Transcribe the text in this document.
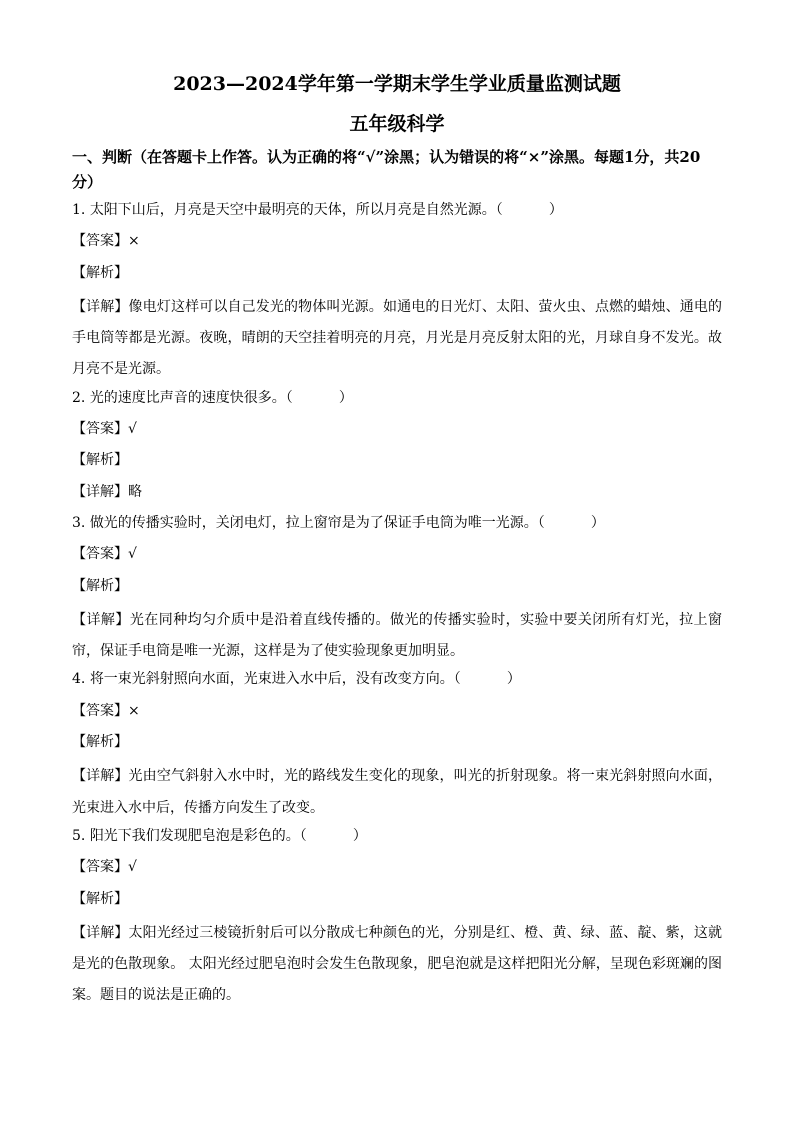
2023—2024学年第一学期末学生学业质量监测试题
五年级科学
一、判断（在答题卡上作答。认为正确的将“√”涂黑；认为错误的将“×”涂黑。每题1分，共20分）
1. 太阳下山后，月亮是天空中最明亮的天体，所以月亮是自然光源。（	）
【答案】×
【解析】
【详解】像电灯这样可以自己发光的物体叫光源。如通电的日光灯、太阳、萤火虫、点燃的蜡烛、通电的手电筒等都是光源。夜晚，晴朗的天空挂着明亮的月亮，月光是月亮反射太阳的光，月球自身不发光。故月亮不是光源。
2. 光的速度比声音的速度快很多。（	）
【答案】√
【解析】
【详解】略
3. 做光的传播实验时，关闭电灯，拉上窗帘是为了保证手电筒为唯一光源。（	）
【答案】√
【解析】
【详解】光在同种均匀介质中是沿着直线传播的。做光的传播实验时，实验中要关闭所有灯光，拉上窗帘，保证手电筒是唯一光源，这样是为了使实验现象更加明显。
4. 将一束光斜射照向水面，光束进入水中后，没有改变方向。（	）
【答案】×
【解析】
【详解】光由空气斜射入水中时，光的路线发生变化的现象，叫光的折射现象。将一束光斜射照向水面，光束进入水中后，传播方向发生了改变。
5. 阳光下我们发现肥皂泡是彩色的。（	）
【答案】√
【解析】
【详解】太阳光经过三棱镜折射后可以分散成七种颜色的光，分别是红、橙、黄、绿、蓝、靛、紫，这就是光的色散现象。 太阳光经过肥皂泡时会发生色散现象，肥皂泡就是这样把阳光分解，呈现色彩斑斓的图案。题目的说法是正确的。
